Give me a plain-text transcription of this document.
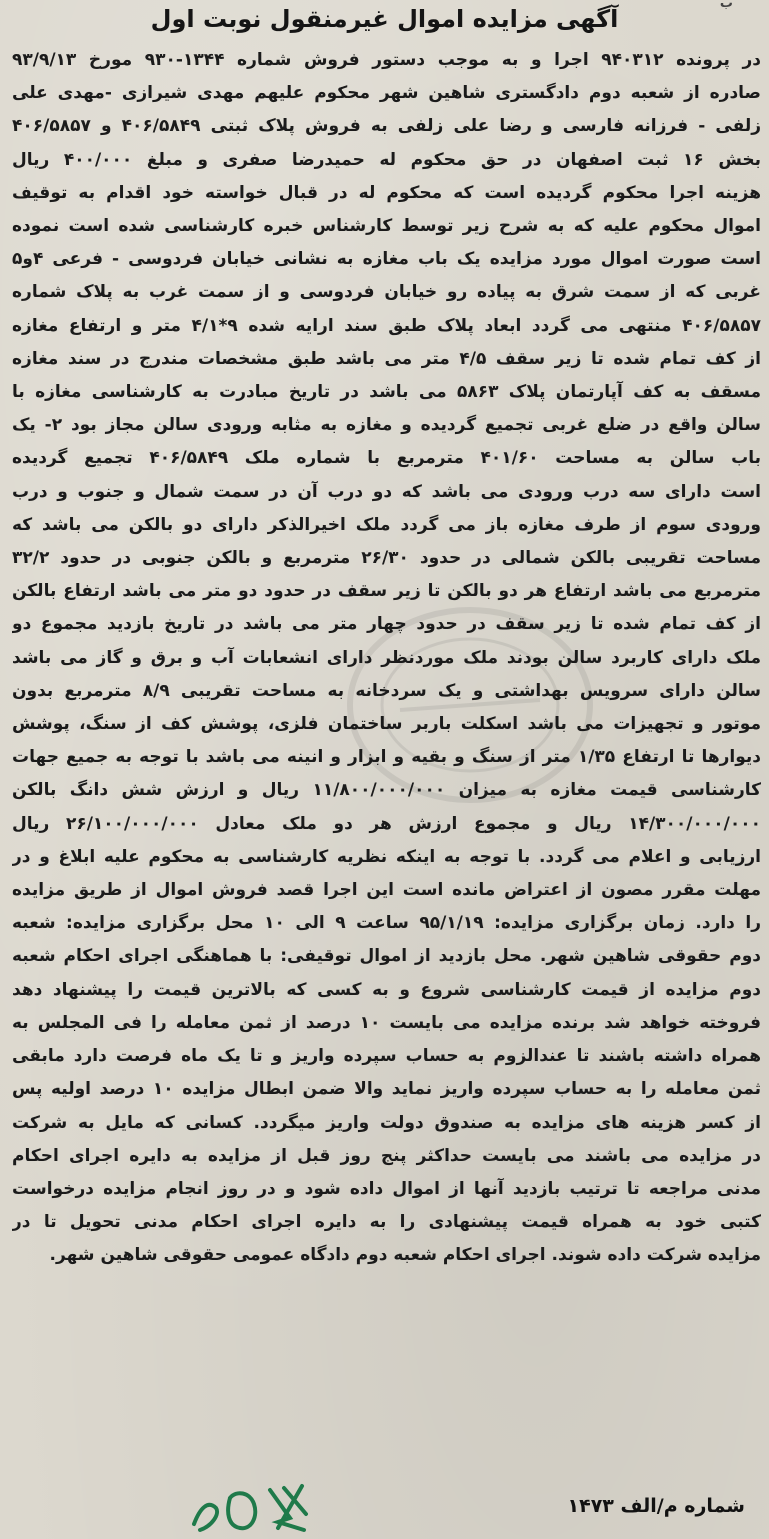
ب
آگهی مزایده اموال غیرمنقول نوبت اول
در پرونده ۹۴۰۳۱۲ اجرا و به موجب دستور فروش شماره ۱۳۴۴-۹۳۰ مورخ ۹۳/۹/۱۳
صادره از شعبه دوم دادگستری شاهین شهر محکوم علیهم مهدی شیرازی -مهدی علی
زلفی - فرزانه فارسی و رضا علی زلفی به فروش پلاک ثبتی ۴۰۶/۵۸۴۹ و ۴۰۶/۵۸۵۷
بخش ۱۶ ثبت اصفهان در حق محکوم له حمیدرضا صفری و مبلغ ۴۰۰/۰۰۰ ریال
هزینه اجرا محکوم گردیده است که محکوم له در قبال خواسته خود اقدام به توقیف
اموال محکوم علیه که به شرح زیر توسط کارشناس خبره کارشناسی شده است نموده
است صورت اموال مورد مزایده یک باب مغازه به نشانی خیابان فردوسی - فرعی ۴و۵
غربی که از سمت شرق به پیاده رو خیابان فردوسی و از سمت غرب به پلاک شماره
۴۰۶/۵۸۵۷ منتهی می گردد ابعاد پلاک طبق سند ارایه شده ۹*۴/۱ متر و ارتفاع مغازه
از کف تمام شده تا زیر سقف ۴/۵ متر می باشد طبق مشخصات مندرج در سند مغازه
مسقف به کف آپارتمان پلاک ۵۸۶۳ می باشد در تاریخ مبادرت به کارشناسی مغازه با
سالن واقع در ضلع غربی تجمیع گردیده و مغازه به مثابه ورودی سالن مجاز بود ۲- یک
باب سالن به مساحت ۴۰۱/۶۰ مترمربع با شماره ملک ۴۰۶/۵۸۴۹ تجمیع گردیده
است دارای سه درب ورودی می باشد که دو درب آن در سمت شمال و جنوب و درب
ورودی سوم از طرف مغازه باز می گردد ملک اخیرالذکر دارای دو بالکن می باشد که
مساحت تقریبی بالکن شمالی در حدود ۲۶/۳۰ مترمربع و بالکن جنوبی در حدود ۳۲/۲
مترمربع می باشد ارتفاع هر دو بالکن تا زیر سقف در حدود دو متر می باشد ارتفاع بالکن
از کف تمام شده تا زیر سقف در حدود چهار متر می باشد در تاریخ بازدید مجموع دو
ملک دارای کاربرد سالن بودند ملک موردنظر دارای انشعابات آب و برق و گاز می باشد
سالن دارای سرویس بهداشتی و یک سردخانه به مساحت تقریبی ۸/۹ مترمربع بدون
موتور و تجهیزات می باشد اسکلت باربر ساختمان فلزی، پوشش کف از سنگ، پوشش
دیوارها تا ارتفاع ۱/۳۵ متر از سنگ و بقیه و ابزار و انینه می باشد با توجه به جمیع جهات
کارشناسی قیمت مغازه به میزان ۱۱/۸۰۰/۰۰۰/۰۰۰ ریال و ارزش شش دانگ بالکن
۱۴/۳۰۰/۰۰۰/۰۰۰ ریال و مجموع ارزش هر دو ملک معادل ۲۶/۱۰۰/۰۰۰/۰۰۰ ریال
ارزیابی و اعلام می گردد. با توجه به اینکه نظریه کارشناسی به محکوم علیه ابلاغ و در
مهلت مقرر مصون از اعتراض مانده است این اجرا قصد فروش اموال از طریق مزایده
را دارد. زمان برگزاری مزایده: ۹۵/۱/۱۹ ساعت ۹ الی ۱۰ محل برگزاری مزایده: شعبه
دوم حقوقی شاهین شهر. محل بازدید از اموال توقیفی: با هماهنگی اجرای احکام شعبه
دوم مزایده از قیمت کارشناسی شروع و به کسی که بالاترین قیمت را پیشنهاد دهد
فروخته خواهد شد برنده مزایده می بایست ۱۰ درصد از ثمن معامله را فی المجلس به
همراه داشته باشند تا عندالزوم به حساب سپرده واریز و تا یک ماه فرصت دارد مابقی
ثمن معامله را به حساب سپرده واریز نماید والا ضمن ابطال مزایده ۱۰ درصد اولیه پس
از کسر هزینه های مزایده به صندوق دولت واریز میگردد. کسانی که مایل به شرکت
در مزایده می باشند می بایست حداکثر پنج روز قبل از مزایده به دایره اجرای احکام
مدنی مراجعه تا ترتیب بازدید آنها از اموال داده شود و در روز انجام مزایده درخواست
کتبی خود به همراه قیمت پیشنهادی را به دایره اجرای احکام مدنی تحویل تا در
مزایده شرکت داده شوند. اجرای احکام شعبه دوم دادگاه عمومی حقوقی شاهین شهر.
شماره م/الف ۱۴۷۳
